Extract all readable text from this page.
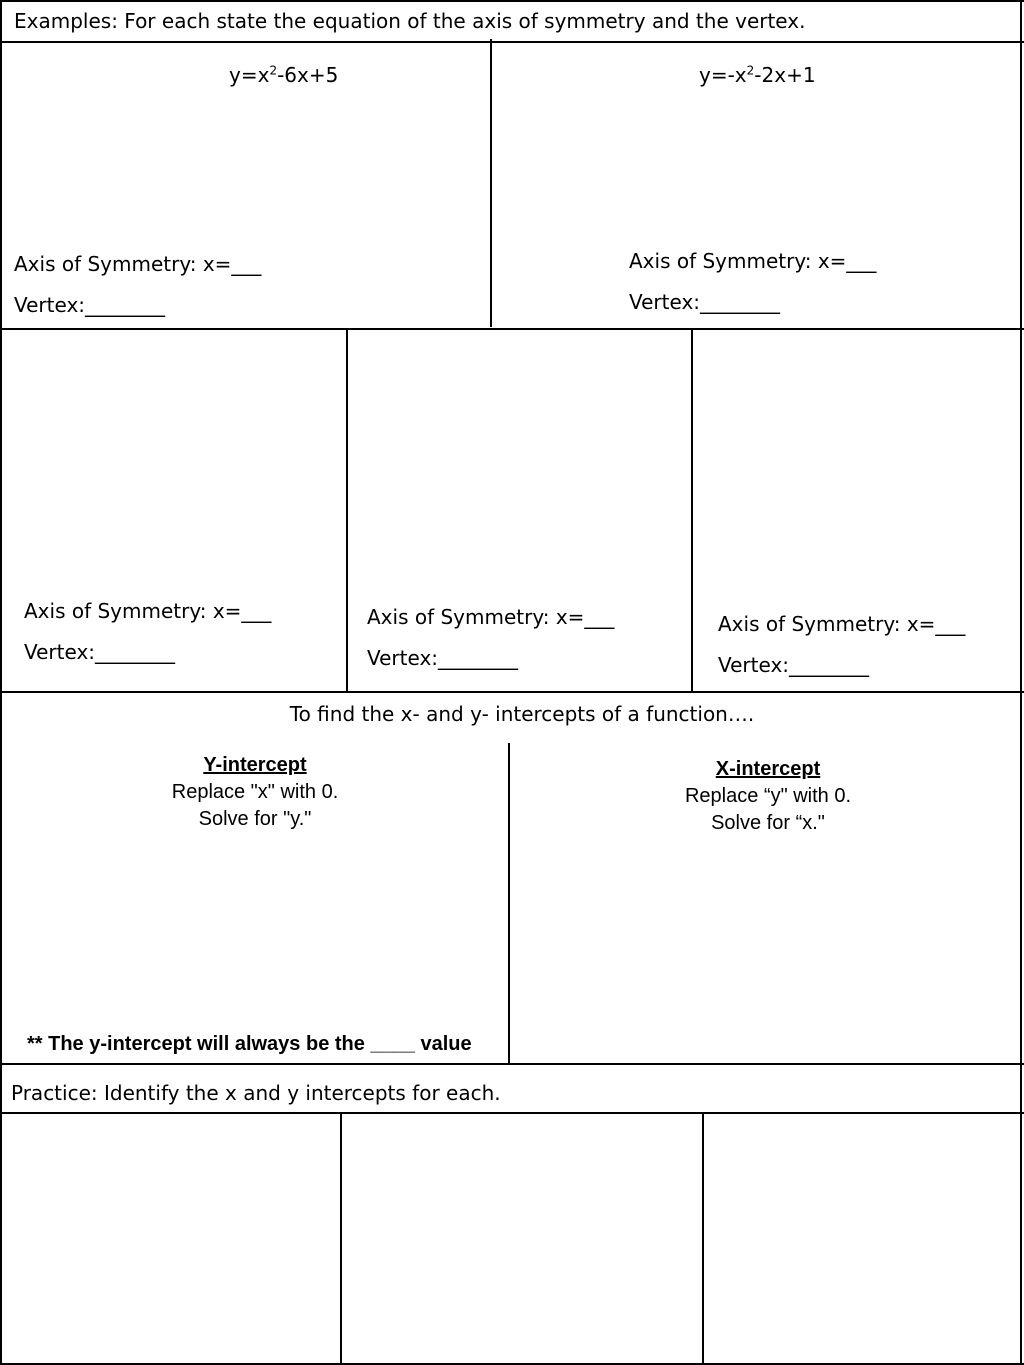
Examples: For each state the equation of the axis of symmetry and the vertex.
$y=x^2-6x+5$
Axis of Symmetry: x=___
Vertex:________
$y=-x^2-2x+1$
Axis of Symmetry: x=___
Vertex:________
Axis of Symmetry: x=___
Vertex:________
Axis of Symmetry: x=___
Vertex:________
Axis of Symmetry: x=___
Vertex:________
To find the x- and y- intercepts of a function….
Y-intercept
Replace "x" with 0.
Solve for "y."
** The y-intercept will always be the ____ value
X-intercept
Replace “y" with 0.
Solve for “x."
Practice: Identify the x and y intercepts for each.
